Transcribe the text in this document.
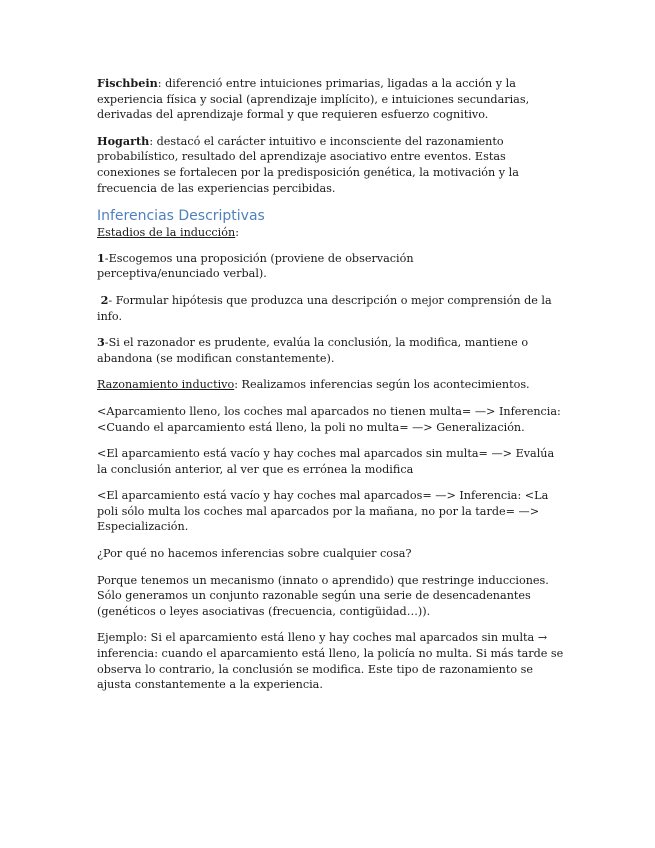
Fischbein: diferenció entre intuiciones primarias, ligadas a la acción y la experiencia física y social (aprendizaje implícito), e intuiciones secundarias, derivadas del aprendizaje formal y que requieren esfuerzo cognitivo.

Hogarth: destacó el carácter intuitivo e inconsciente del razonamiento probabilístico, resultado del aprendizaje asociativo entre eventos. Estas conexiones se fortalecen por la predisposición genética, la motivación y la frecuencia de las experiencias percibidas.

Inferencias Descriptivas

Estadios de la inducción:

1-Escogemos una proposición (proviene de observación perceptiva/enunciado verbal).

2- Formular hipótesis que produzca una descripción o mejor comprensión de la info.

3-Si el razonador es prudente, evalúa la conclusión, la modifica, mantiene o abandona (se modifican constantemente).

Razonamiento inductivo: Realizamos inferencias según los acontecimientos.

<Aparcamiento lleno, los coches mal aparcados no tienen multa= —> Inferencia: <Cuando el aparcamiento está lleno, la poli no multa= —> Generalización.

<El aparcamiento está vacío y hay coches mal aparcados sin multa= —> Evalúa la conclusión anterior, al ver que es errónea la modifica

<El aparcamiento está vacío y hay coches mal aparcados= —> Inferencia: <La poli sólo multa los coches mal aparcados por la mañana, no por la tarde= —> Especialización.

¿Por qué no hacemos inferencias sobre cualquier cosa?

Porque tenemos un mecanismo (innato o aprendido) que restringe inducciones. Sólo generamos un conjunto razonable según una serie de desencadenantes (genéticos o leyes asociativas (frecuencia, contigüidad…)).

Ejemplo: Si el aparcamiento está lleno y hay coches mal aparcados sin multa → inferencia: cuando el aparcamiento está lleno, la policía no multa. Si más tarde se observa lo contrario, la conclusión se modifica. Este tipo de razonamiento se ajusta constantemente a la experiencia.
